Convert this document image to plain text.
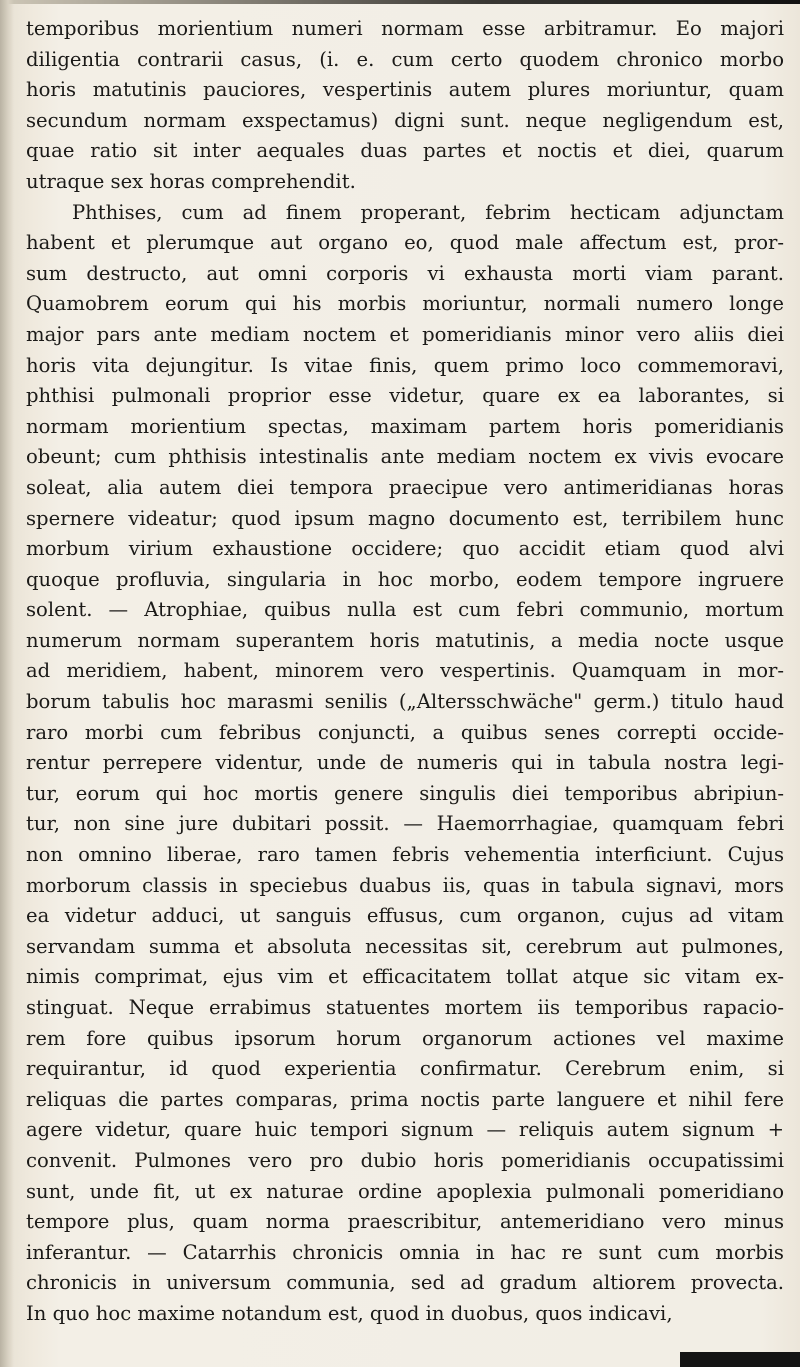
temporibus morientium numeri normam esse arbitramur. Eo majori
diligentia contrarii casus, (i. e. cum certo quodem chronico morbo
horis matutinis pauciores, vespertinis autem plures moriuntur, quam
secundum normam exspectamus) digni sunt. neque negligendum est,
quae ratio sit inter aequales duas partes et noctis et diei, quarum
utraque sex horas comprehendit.
Phthises, cum ad finem properant, febrim hecticam adjunctam
habent et plerumque aut organo eo, quod male affectum est, pror-
sum destructo, aut omni corporis vi exhausta morti viam parant.
Quamobrem eorum qui his morbis moriuntur, normali numero longe
major pars ante mediam noctem et pomeridianis minor vero aliis diei
horis vita dejungitur. Is vitae finis, quem primo loco commemoravi,
phthisi pulmonali proprior esse videtur, quare ex ea laborantes, si
normam morientium spectas, maximam partem horis pomeridianis
obeunt; cum phthisis intestinalis ante mediam noctem ex vivis evocare
soleat, alia autem diei tempora praecipue vero antimeridianas horas
spernere videatur; quod ipsum magno documento est, terribilem hunc
morbum virium exhaustione occidere; quo accidit etiam quod alvi
quoque profluvia, singularia in hoc morbo, eodem tempore ingruere
solent. — Atrophiae, quibus nulla est cum febri communio, mortum
numerum normam superantem horis matutinis, a media nocte usque
ad meridiem, habent, minorem vero vespertinis. Quamquam in mor-
borum tabulis hoc marasmi senilis („Altersschwäche" germ.) titulo haud
raro morbi cum febribus conjuncti, a quibus senes correpti occide-
rentur perrepere videntur, unde de numeris qui in tabula nostra legi-
tur, eorum qui hoc mortis genere singulis diei temporibus abripiun-
tur, non sine jure dubitari possit. — Haemorrhagiae, quamquam febri
non omnino liberae, raro tamen febris vehementia interficiunt. Cujus
morborum classis in speciebus duabus iis, quas in tabula signavi, mors
ea videtur adduci, ut sanguis effusus, cum organon, cujus ad vitam
servandam summa et absoluta necessitas sit, cerebrum aut pulmones,
nimis comprimat, ejus vim et efficacitatem tollat atque sic vitam ex-
stinguat. Neque errabimus statuentes mortem iis temporibus rapacio-
rem fore quibus ipsorum horum organorum actiones vel maxime
requirantur, id quod experientia confirmatur. Cerebrum enim, si
reliquas die partes comparas, prima noctis parte languere et nihil fere
agere videtur, quare huic tempori signum — reliquis autem signum +
convenit. Pulmones vero pro dubio horis pomeridianis occupatissimi
sunt, unde fit, ut ex naturae ordine apoplexia pulmonali pomeridiano
tempore plus, quam norma praescribitur, antemeridiano vero minus
inferantur. — Catarrhis chronicis omnia in hac re sunt cum morbis
chronicis in universum communia, sed ad gradum altiorem provecta.
In quo hoc maxime notandum est, quod in duobus, quos indicavi,
